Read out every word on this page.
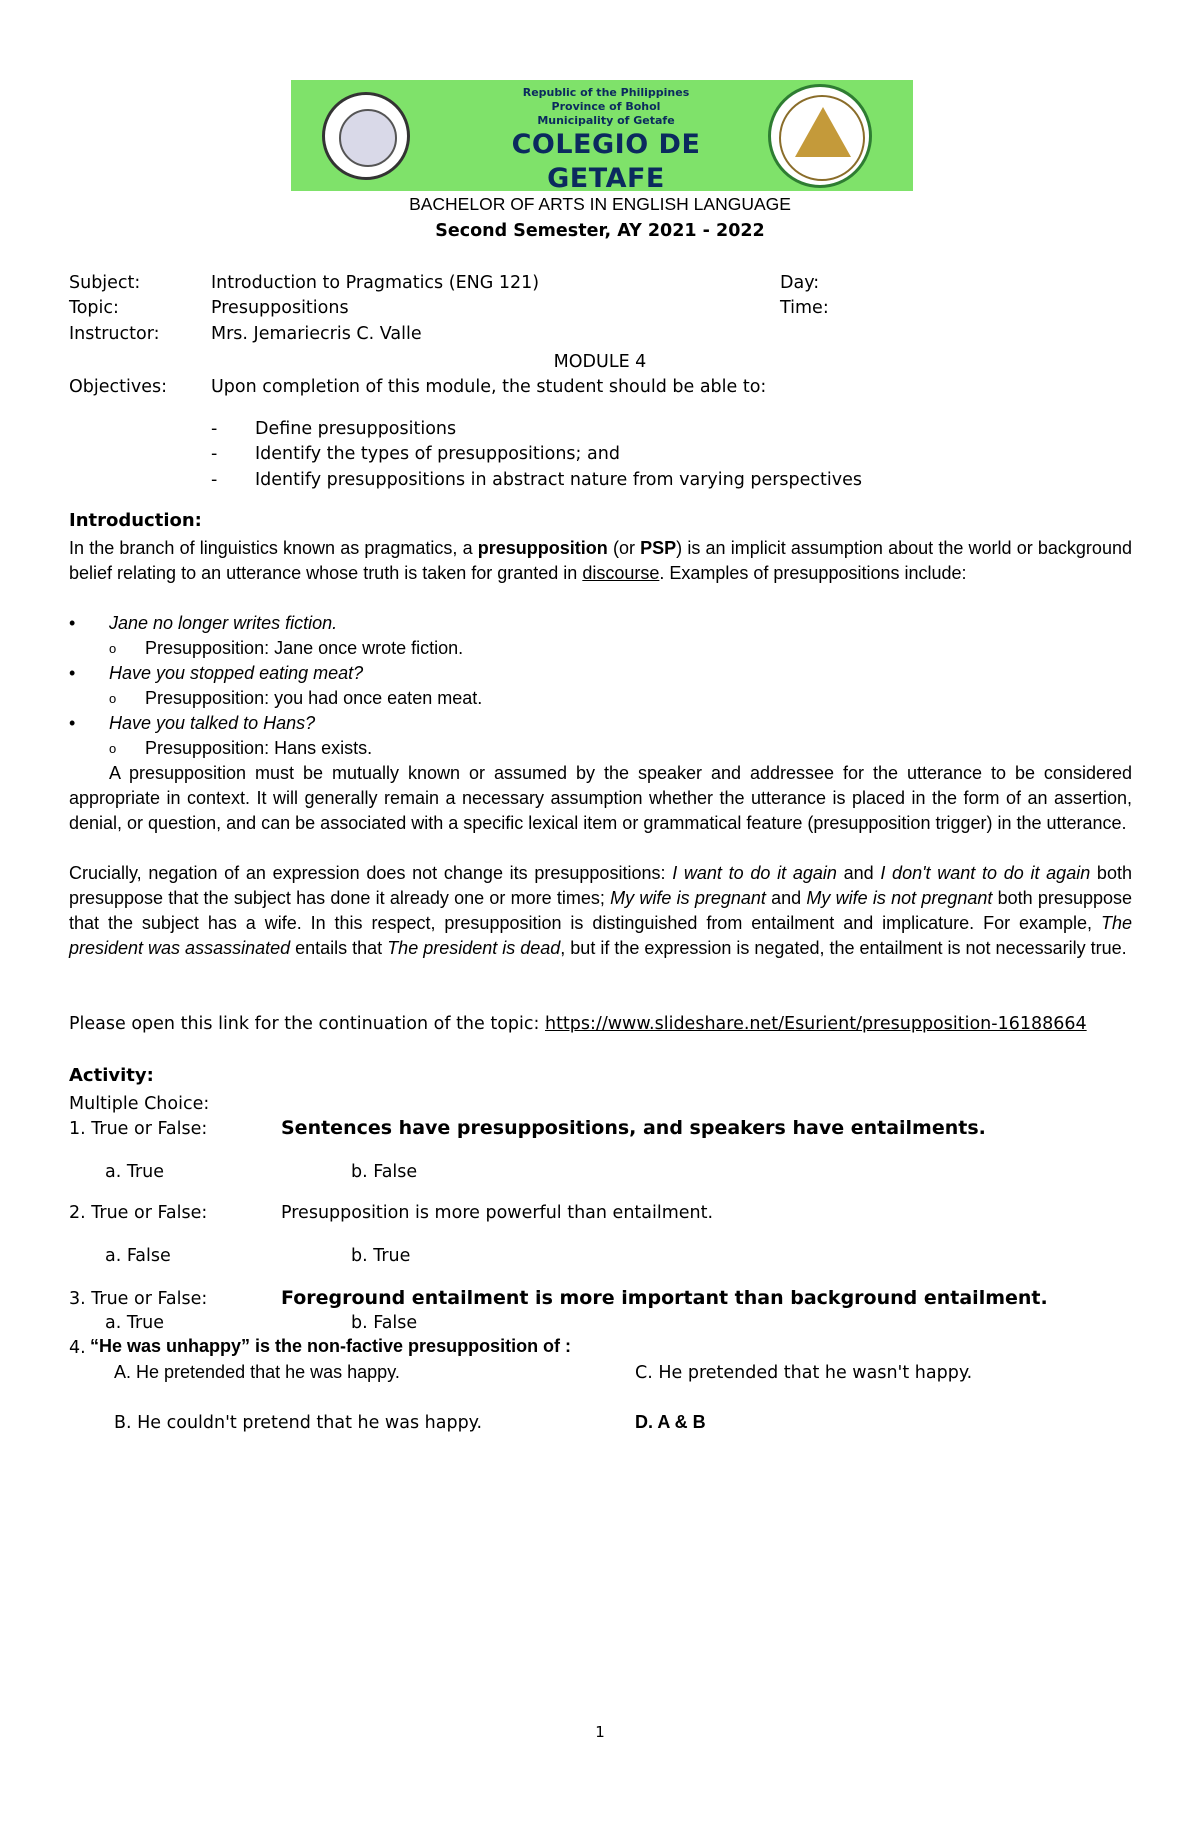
Republic of the Philippines
Province of Bohol
Municipality of Getafe
COLEGIO DE GETAFE
BACHELOR OF ARTS IN ENGLISH LANGUAGE
Second Semester, AY 2021 - 2022
Subject:	Introduction to Pragmatics (ENG 121)	Day:
Topic:	Presuppositions	Time:
Instructor:	Mrs. Jemariecris C. Valle
MODULE 4
Objectives:	Upon completion of this module, the student should be able to:
- Define presuppositions
- Identify the types of presuppositions; and
- Identify presuppositions in abstract nature from varying perspectives
Introduction:
In the branch of linguistics known as pragmatics, a presupposition (or PSP) is an implicit assumption about the world or background belief relating to an utterance whose truth is taken for granted in discourse. Examples of presuppositions include:
• Jane no longer writes fiction.
o Presupposition: Jane once wrote fiction.
• Have you stopped eating meat?
o Presupposition: you had once eaten meat.
• Have you talked to Hans?
o Presupposition: Hans exists.
A presupposition must be mutually known or assumed by the speaker and addressee for the utterance to be considered appropriate in context. It will generally remain a necessary assumption whether the utterance is placed in the form of an assertion, denial, or question, and can be associated with a specific lexical item or grammatical feature (presupposition trigger) in the utterance.
Crucially, negation of an expression does not change its presuppositions: I want to do it again and I don't want to do it again both presuppose that the subject has done it already one or more times; My wife is pregnant and My wife is not pregnant both presuppose that the subject has a wife. In this respect, presupposition is distinguished from entailment and implicature. For example, The president was assassinated entails that The president is dead, but if the expression is negated, the entailment is not necessarily true.
Please open this link for the continuation of the topic: https://www.slideshare.net/Esurient/presupposition-16188664
Activity:
Multiple Choice:
1. True or False:	Sentences have presuppositions, and speakers have entailments.
a. True	b. False
2. True or False:	Presupposition is more powerful than entailment.
a. False	b. True
3. True or False:	Foreground entailment is more important than background entailment.
a. True	b. False
4. “He was unhappy” is the non-factive presupposition of :
A. He pretended that he was happy.	C. He pretended that he wasn't happy.
B. He couldn't pretend that he was happy.	D. A & B
1
